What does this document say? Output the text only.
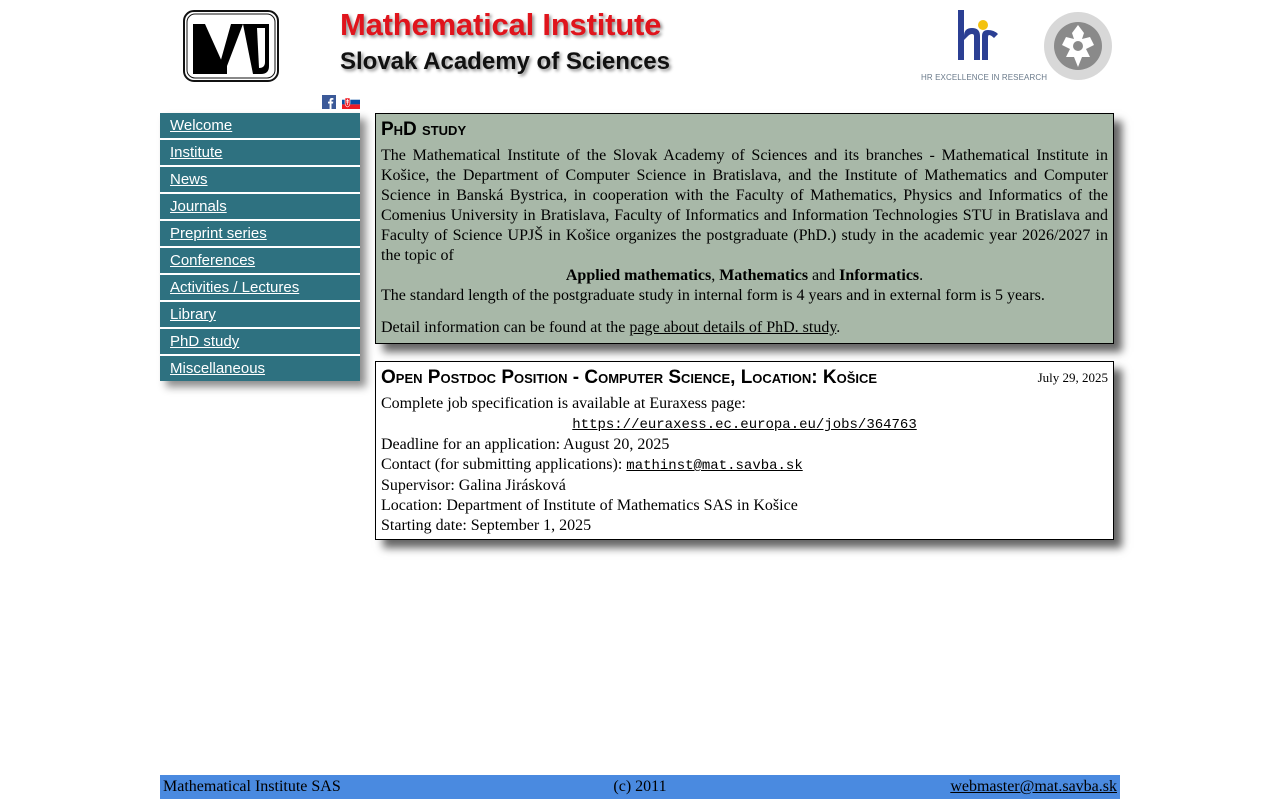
Mathematical Institute
Slovak Academy of Sciences
HR EXCELLENCE IN RESEARCH
Welcome
Institute
News
Journals
Preprint series
Conferences
Activities / Lectures
Library
PhD study
Miscellaneous
PhD study

The Mathematical Institute of the Slovak Academy of Sciences and its branches - Mathematical Institute in Košice, the Department of Computer Science in Bratislava, and the Institute of Mathematics and Computer Science in Banská Bystrica, in cooperation with the Faculty of Mathematics, Physics and Informatics of the Comenius University in Bratislava, Faculty of Informatics and Information Technologies STU in Bratislava and Faculty of Science UPJŠ in Košice organizes the postgraduate (PhD.) study in the academic year 2026/2027 in the topic of

Applied mathematics, Mathematics and Informatics.

The standard length of the postgraduate study in internal form is 4 years and in external form is 5 years.

Detail information can be found at the page about details of PhD. study.

Open Postdoc Position - Computer Science, Location: Košice	July 29, 2025

Complete job specification is available at Euraxess page:

https://euraxess.ec.europa.eu/jobs/364763

Deadline for an application: August 20, 2025

Contact (for submitting applications): mathinst@mat.savba.sk

Supervisor: Galina Jirásková

Location: Department of Institute of Mathematics SAS in Košice

Starting date: September 1, 2025

(c) 2011
Mathematical Institute SAS	webmaster@mat.savba.sk
